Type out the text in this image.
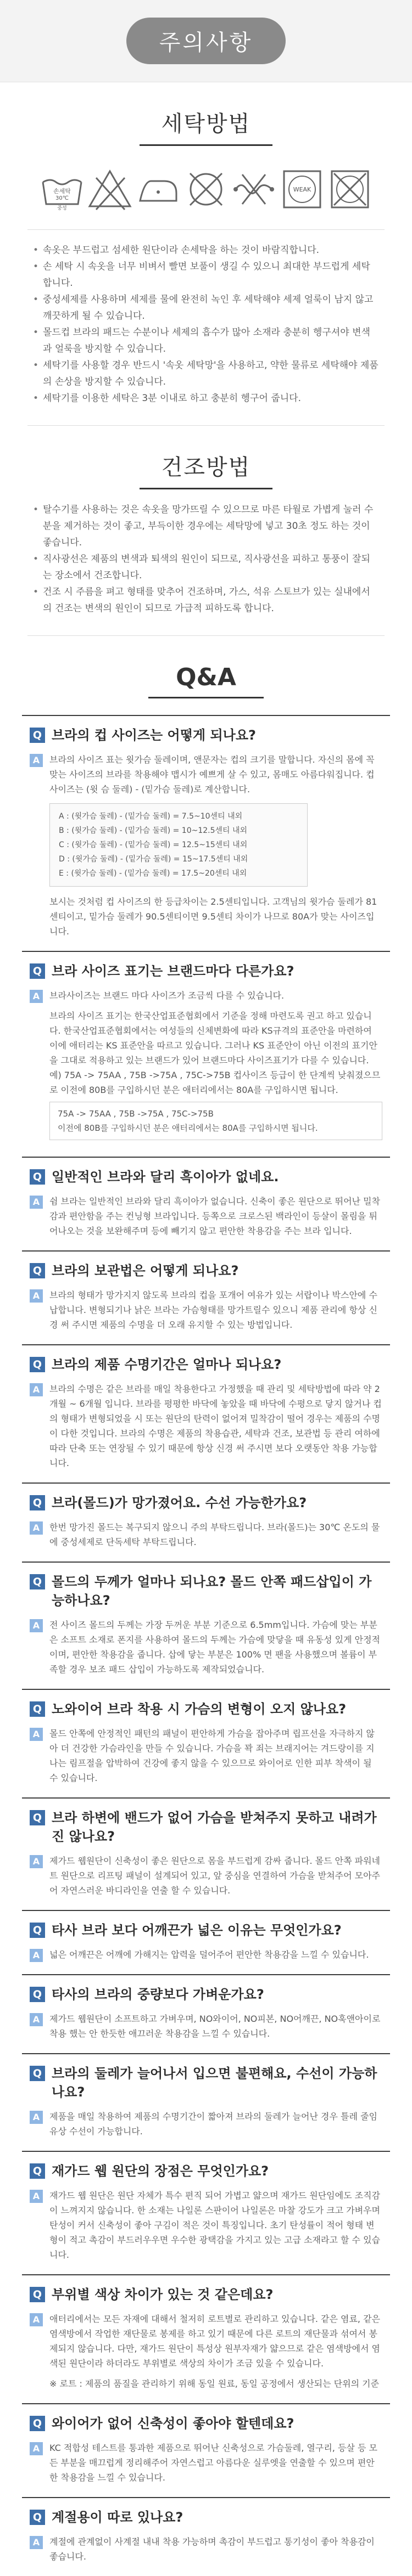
주의사항
세탁방법
손세탁
30℃
중성
WEAK
• 속옷은 부드럽고 섬세한 원단이라 손세탁을 하는 것이 바람직합니다.
• 손 세탁 시 속옷을 너무 비벼서 빨면 보풀이 생길 수 있으니 최대한 부드럽게 세탁합니다.
• 중성세제를 사용하며 세제를 물에 완전히 녹인 후 세탁해야 세제 얼룩이 남지 않고 깨끗하게 될 수 있습니다.
• 몰드컵 브라의 패드는 수분이나 세제의 흡수가 많아 소재라 충분히 헹구셔야 변색과 얼룩을 방지할 수 있습니다.
• 세탁기를 사용할 경우 반드시 '속옷 세탁망'을 사용하고, 약한 물류로 세탁해야 제품의 손상을 방지할 수 있습니다.
• 세탁기를 이용한 세탁은 3분 이내로 하고 충분히 헹구어 줍니다.
건조방법
• 탈수기를 사용하는 것은 속옷을 망가뜨릴 수 있으므로 마른 타월로 가볍게 눌러 수분을 제거하는 것이 좋고, 부득이한 경우에는 세탁망에 넣고 30초 정도 하는 것이 좋습니다.
• 직사광선은 제품의 변색과 퇴색의 원인이 되므로, 직사광선을 피하고 통풍이 잘되는 장소에서 건조합니다.
• 건조 시 주름을 펴고 형태를 맞추어 건조하며, 가스, 석유 스토브가 있는 실내에서의 건조는 변색의 원인이 되므로 가급적 피하도록 합니다.
Q&A
Q 브라의 컵 사이즈는 어떻게 되나요?
A	브라의 사이즈 표는 윗가슴 둘레이며, 앤문자는 컵의 크기를 말합니다. 자신의 몸에 꼭 맞는 사이즈의 브라를 착용해야 맵시가 예쁘게 살 수 있고, 몸매도 아름다워집니다. 컵 사이즈는 (윗 슴 둘레) - (밑가슴 둘레)로 계산합니다.

A : (윗가슴 둘레) - (밑가슴 둘레) = 7.5~10센티 내외
B : (윗가슴 둘레) - (밑가슴 둘레) = 10~12.5센티 내외
C : (윗가슴 둘레) - (밑가슴 둘레) = 12.5~15센티 내외
D : (윗가슴 둘레) - (밑가슴 둘레) = 15~17.5센티 내외
E : (윗가슴 둘레) - (밑가슴 둘레) = 17.5~20센티 내외

보시는 것처럼 컵 사이즈의 한 등급차이는 2.5센티입니다. 고객님의 윗가슴 둘레가 81센티이고, 밑가슴 둘레가 90.5센티이면 9.5센티 차이가 나므로 80A가 맞는 사이즈입니다.

Q 브라 사이즈 표기는 브랜드마다 다른가요?
A	브라사이즈는 브랜드 마다 사이즈가 조금씩 다를 수 있습니다.

브라의 사이즈 표기는 한국산업표준협회에서 기준을 정해 마련도록 권고 하고 있습니다. 한국산업표준협회에서는 여성들의 신체변화에 따라 KS규격의 표준안을 마련하여 이에 애터리는 KS 표준안을 따르고 있습니다. 그러나 KS 표준안이 아닌 이전의 표기안을 그대로 적용하고 있는 브랜드가 있어 브랜드마다 사이즈표기가 다를 수 있습니다. 예) 75A -> 75AA , 75B ->75A , 75C->75B 컵사이즈 등급이 한 단계씩 낮춰졌으므로 이전에 80B를 구입하시던 분은 애터리에서는 80A를 구입하시면 됩니다.

75A -> 75AA , 75B ->75A , 75C->75B
이전에 80B를 구입하시던 분은 애터리에서는 80A를 구입하시면 됩니다.
Q 일반적인 브라와 달리 흑이아가 없네요.
A	쉼 브라는 일반적인 브라와 달리 흑이아가 없습니다. 신축이 좋은 원단으로 뛰어난 밀착감과 편안함을 주는 컨닝형 브라입니다. 등쪽으로 크로스된 백라인이 등살이 몰림을 튀어나오는 것을 보완해주며 등에 빼기지 않고 편안한 착용감을 주는 브라 입니다.

Q 브라의 보관법은 어떻게 되나요?
A	브라의 형태가 망가지지 않도록 브라의 컵을 포개어 여유가 있는 서랍이나 박스안에 수납합니다. 변형되기나 낡은 브라는 가슴형태를 망가트릴수 있으니 제품 관리에 항상 신경 써 주시면 제품의 수명을 더 오래 유지할 수 있는 방법입니다.

Q 브라의 제품 수명기간은 얼마나 되나요?
A	브라의 수명은 같은 브라를 매일 착용한다고 가정했을 때 관리 및 세탁방법에 따라 약 2개월 ~ 6개월 입니다. 브라를 평평한 바닥에 놓았을 때 바닥에 수평으로 닿지 않거나 컵의 형태가 변형되었을 시 또는 원단의 탄력이 없어져 밀착감이 떨어 경우는 제품의 수명이 다한 것입니다. 브라의 수명은 제품의 착용습관, 세탁과 건조, 보관법 등 관리 여하에 따라 단축 또는 연장될 수 있기 때문에 항상 신경 써 주시면 보다 오랫동안 착용 가능합니다.

Q 브라(몰드)가 망가졌어요. 수선 가능한가요?
A	한번 망가진 몰드는 복구되지 않으니 주의 부탁드립니다. 브라(몰드)는 30℃ 온도의 물에 중성세제로 단독세탁 부탁드립니다.

Q 몰드의 두께가 얼마나 되나요? 몰드 안쪽 패드삽입이 가능하나요?
A	전 사이즈 몰드의 두께는 가장 두꺼운 부분 기준으로 6.5mm입니다. 가슴에 맞는 부분은 소프트 소재로 폰지를 사용하여 몰드의 두께는 가슴에 맞닿을 때 유동성 있게 안정적이며, 편안한 착용감을 줍니다. 삽에 닿는 부분은 100% 면 팬을 사용했으며 볼륨이 부족할 경우 보조 패드 삽입이 가능하도록 제작되었습니다.

Q 노와이어 브라 착용 시 가슴의 변형이 오지 않나요?
A	몰드 안쪽에 안정적인 패턴의 패널이 편안하게 가슴을 잡아주며 립프선을 자극하지 않아 더 건강한 가슴라인을 만들 수 있습니다. 가슴을 꽉 죄는 브래지어는 겨드랑이를 지나는 림프절을 압박하여 건강에 좋지 않을 수 있으므로 와이어로 인한 피부 착색이 될 수 있습니다.

Q 브라 하변에 밴드가 없어 가슴을 받쳐주지 못하고 내려가진 않나요?
A	제가드 웹원단이 신축성이 좋은 원단으로 몸을 부드럽게 감싸 줍니다. 몰드 안쪽 파워네트 원단으로 리프팅 패널이 설계되어 있고, 앞 중심을 연결하여 가슴을 받쳐주어 모아주어 자연스러운 바디라인을 연출 할 수 있습니다.

Q 타사 브라 보다 어깨끈가 넓은 이유는 무엇인가요?
A	넓은 어깨끈은 어깨에 가해지는 압력을 덜어주어 편안한 착용감을 느낄 수 있습니다.

Q 타사의 브라의 중량보다 가벼운가요?
A	제가드 웹원단이 소프트하고 가벼우며, NO와이어, NO피본, NO어깨끈, NO훅앤아이로 착용 했는 안 한듯한 애끄러운 착용감을 느낄 수 있습니다.

Q 브라의 둘레가 늘어나서 입으면 불편해요, 수선이 가능하나요?
A	제품을 매일 착용하여 제품의 수명기간이 짧아져 브라의 둘레가 늘어난 경우 틀레 줄임 유상 수선이 가능합니다.

Q 재가드 웹 원단의 장점은 무엇인가요?
A	재가드 웹 원단은 원단 자체가 특수 편직 되어 가볍고 얇으며 재가드 원단임에도 조직감이 느껴지지 않습니다. 한 소재는 나일론 스판이어 나일론은 마찰 강도가 크고 가벼우며 탄성이 커서 신축성이 좋아 구김이 적은 것이 특징입니다. 초기 탄성률이 적어 형태 변형이 적고 촉감이 부드러우우면 우수한 광택감을 가지고 있는 고급 소재라고 할 수 있습니다.

Q 부위별 색상 차이가 있는 것 같은데요?
A	애터리에서는 모든 자재에 대해서 철저히 로트별로 관리하고 있습니다. 같은 염료, 같은 염색방에서 작업한 재단물로 봉제를 하고 있기 때문에 다른 로트의 재단물과 섞여서 봉제되지 않습니다. 다만, 재가드 원단이 특성상 원부자재가 얇으므로 같은 염색방에서 염색된 원단이라 하더라도 부위별로 색상의 차이가 조금 있을 수 있습니다.

※ 로트 : 제품의 품질을 관리하기 위해 동일 원료, 동일 공정에서 생산되는 단위의 기준

Q 와이어가 없어 신축성이 좋아야 할텐데요?
A	KC 적합성 테스트를 통과한 제품으로 뛰어난 신축성으로 가슴둘레, 열구리, 등살 등 모든 부분을 매끄럽게 정리해주어 자연스럽고 아름다운 실루엣을 연출할 수 있으며 편안한 착용감을 느낄 수 있습니다.

Q 계절용이 따로 있나요?
A	계절에 관계없이 사계절 내내 착용 가능하며 촉감이 부드럽고 통기성이 좋아 착용감이 좋습니다.
